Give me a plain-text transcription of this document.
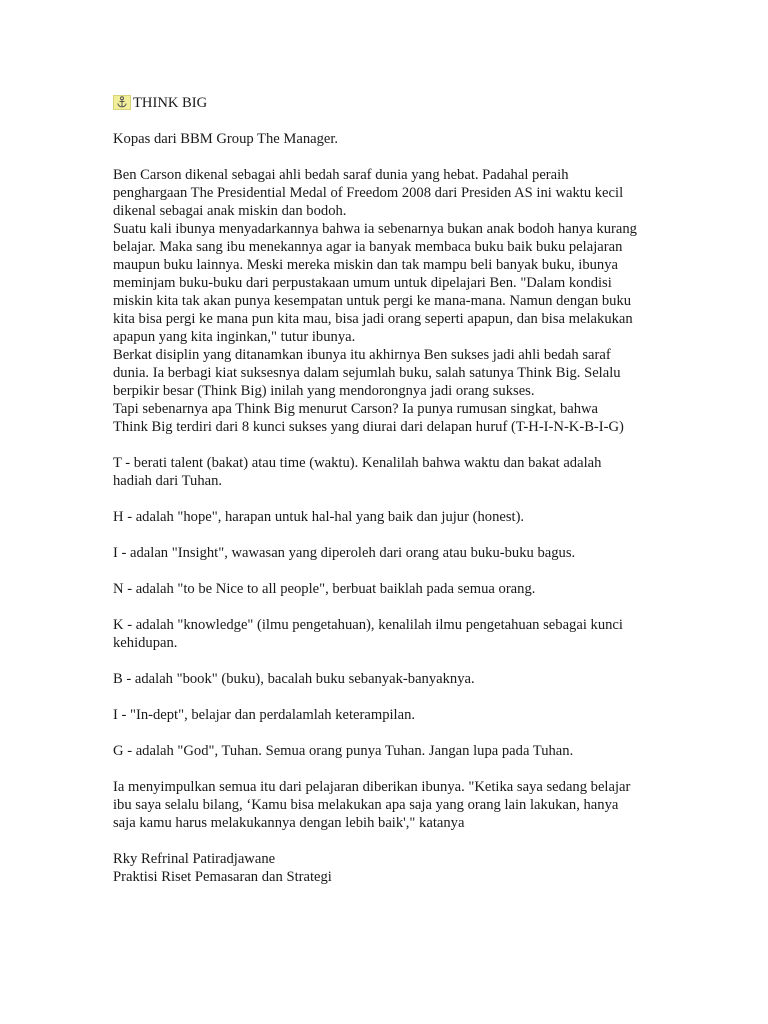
THINK BIG
Kopas dari BBM Group The Manager.
Ben Carson dikenal sebagai ahli bedah saraf dunia yang hebat. Padahal peraih
penghargaan The Presidential Medal of Freedom 2008 dari Presiden AS ini waktu kecil
dikenal sebagai anak miskin dan bodoh.
Suatu kali ibunya menyadarkannya bahwa ia sebenarnya bukan anak bodoh hanya kurang
belajar. Maka sang ibu menekannya agar ia banyak membaca buku baik buku pelajaran
maupun buku lainnya. Meski mereka miskin dan tak mampu beli banyak buku, ibunya
meminjam buku-buku dari perpustakaan umum untuk dipelajari Ben. "Dalam kondisi
miskin kita tak akan punya kesempatan untuk pergi ke mana-mana. Namun dengan buku
kita bisa pergi ke mana pun kita mau, bisa jadi orang seperti apapun, dan bisa melakukan
apapun yang kita inginkan," tutur ibunya.
Berkat disiplin yang ditanamkan ibunya itu akhirnya Ben sukses jadi ahli bedah saraf
dunia. Ia berbagi kiat suksesnya dalam sejumlah buku, salah satunya Think Big. Selalu
berpikir besar (Think Big) inilah yang mendorongnya jadi orang sukses.
Tapi sebenarnya apa Think Big menurut Carson? Ia punya rumusan singkat, bahwa
Think Big terdiri dari 8 kunci sukses yang diurai dari delapan huruf (T-H-I-N-K-B-I-G)
T - berati talent (bakat) atau time (waktu). Kenalilah bahwa waktu dan bakat adalah
hadiah dari Tuhan.
H - adalah "hope", harapan untuk hal-hal yang baik dan jujur (honest).
I - adalan "Insight", wawasan yang diperoleh dari orang atau buku-buku bagus.
N - adalah "to be Nice to all people", berbuat baiklah pada semua orang.
K - adalah "knowledge" (ilmu pengetahuan), kenalilah ilmu pengetahuan sebagai kunci
kehidupan.
B - adalah "book" (buku), bacalah buku sebanyak-banyaknya.
I - "In-dept", belajar dan perdalamlah keterampilan.
G - adalah "God", Tuhan. Semua orang punya Tuhan. Jangan lupa pada Tuhan.
Ia menyimpulkan semua itu dari pelajaran diberikan ibunya. "Ketika saya sedang belajar
ibu saya selalu bilang, ‘Kamu bisa melakukan apa saja yang orang lain lakukan, hanya
saja kamu harus melakukannya dengan lebih baik'," katanya
Rky Refrinal Patiradjawane
Praktisi Riset Pemasaran dan Strategi
